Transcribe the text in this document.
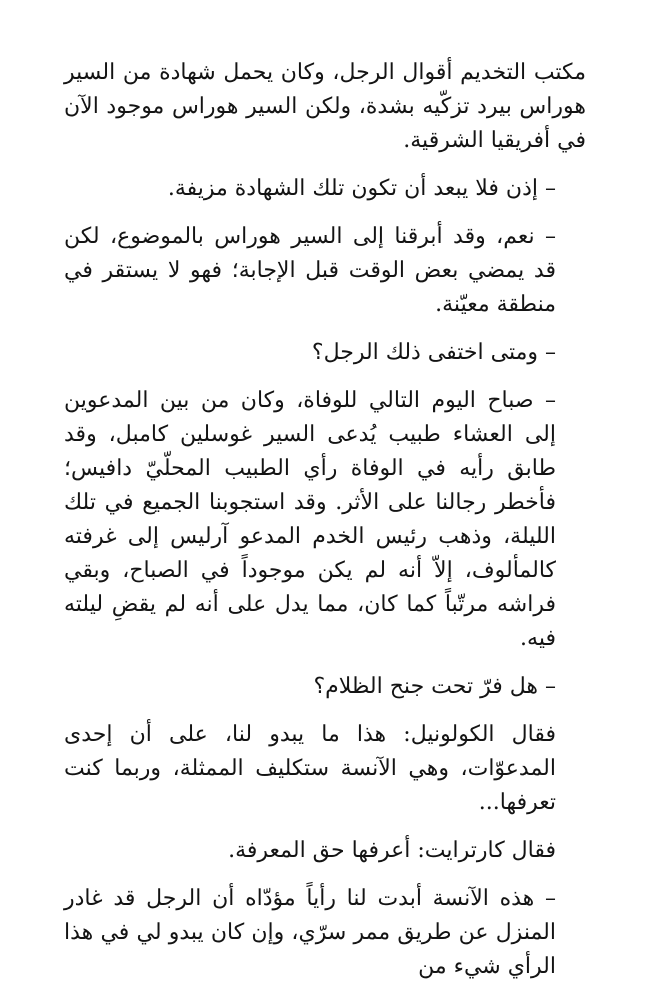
مكتب التخديم أقوال الرجل، وكان يحمل شهادة من السير هوراس بيرد تزكّيه بشدة، ولكن السير هوراس موجود الآن في أفريقيا الشرقية.

– إذن فلا يبعد أن تكون تلك الشهادة مزيفة.

– نعم، وقد أبرقنا إلى السير هوراس بالموضوع، لكن قد يمضي بعض الوقت قبل الإجابة؛ فهو لا يستقر في منطقة معيّنة.

– ومتى اختفى ذلك الرجل؟

– صباح اليوم التالي للوفاة، وكان من بين المدعوين إلى العشاء طبيب يُدعى السير غوسلين كامبل، وقد طابق رأيه في الوفاة رأي الطبيب المحلّيّ دافيس؛ فأخطر رجالنا على الأثر. وقد استجوبنا الجميع في تلك الليلة، وذهب رئيس الخدم المدعو آرليس إلى غرفته كالمألوف، إلاّ أنه لم يكن موجوداً في الصباح، وبقي فراشه مرتّباً كما كان، مما يدل على أنه لم يقضِ ليلته فيه.

– هل فرّ تحت جنح الظلام؟

فقال الكولونيل: هذا ما يبدو لنا، على أن إحدى المدعوّات، وهي الآنسة ستكليف الممثلة، وربما كنت تعرفها...

فقال كارترايت: أعرفها حق المعرفة.

– هذه الآنسة أبدت لنا رأياً مؤدّاه أن الرجل قد غادر المنزل عن طريق ممر سرّي، وإن كان يبدو لي في هذا الرأي شيء من
